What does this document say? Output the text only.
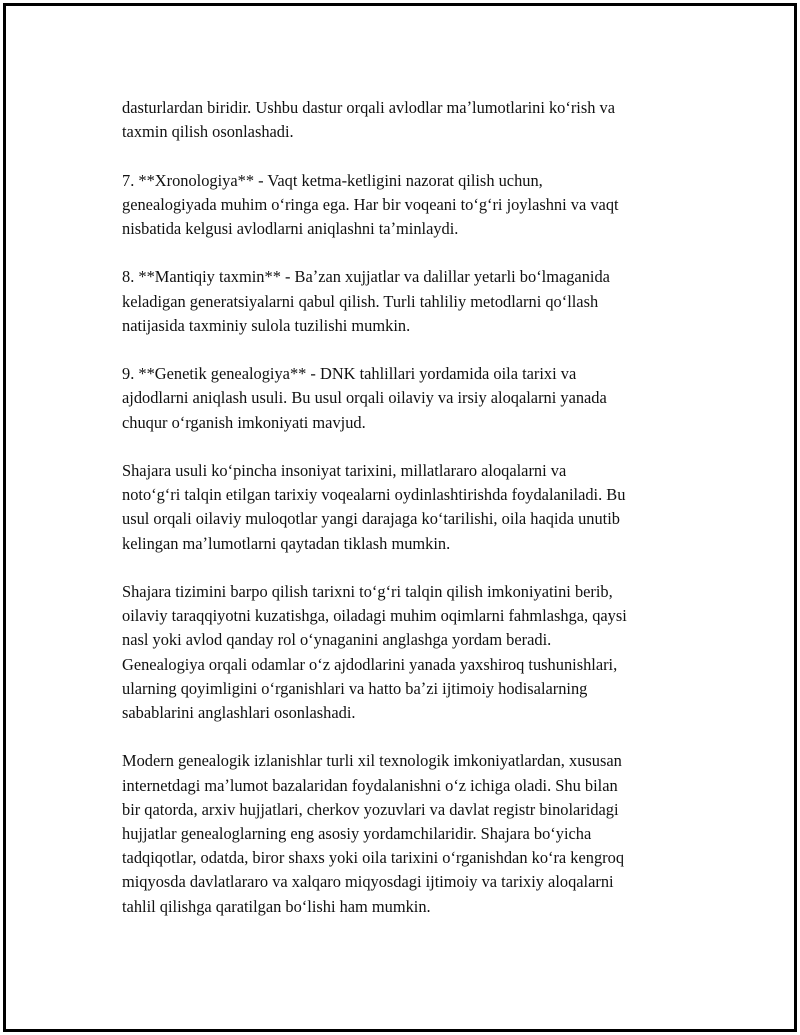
dasturlardan biridir. Ushbu dastur orqali avlodlar maʼlumotlarini koʻrish va
taxmin qilish osonlashadi.

7. **Xronologiya** - Vaqt ketma-ketligini nazorat qilish uchun,
genealogiyada muhim oʻringa ega. Har bir voqeani toʻgʻri joylashni va vaqt
nisbatida kelgusi avlodlarni aniqlashni taʼminlaydi.

8. **Mantiqiy taxmin** - Baʼzan xujjatlar va dalillar yetarli boʻlmaganida
keladigan generatsiyalarni qabul qilish. Turli tahliliy metodlarni qoʻllash
natijasida taxminiy sulola tuzilishi mumkin.

9. **Genetik genealogiya** - DNK tahlillari yordamida oila tarixi va
ajdodlarni aniqlash usuli. Bu usul orqali oilaviy va irsiy aloqalarni yanada
chuqur oʻrganish imkoniyati mavjud.

Shajara usuli koʻpincha insoniyat tarixini, millatlararo aloqalarni va
notoʻgʻri talqin etilgan tarixiy voqealarni oydinlashtirishda foydalaniladi. Bu
usul orqali oilaviy muloqotlar yangi darajaga koʻtarilishi, oila haqida unutib
kelingan maʼlumotlarni qaytadan tiklash mumkin.

Shajara tizimini barpo qilish tarixni toʻgʻri talqin qilish imkoniyatini berib,
oilaviy taraqqiyotni kuzatishga, oiladagi muhim oqimlarni fahmlashga, qaysi
nasl yoki avlod qanday rol oʻynaganini anglashga yordam beradi.
Genealogiya orqali odamlar oʻz ajdodlarini yanada yaxshiroq tushunishlari,
ularning qoyimligini oʻrganishlari va hatto baʼzi ijtimoiy hodisalarning
sabablarini anglashlari osonlashadi.

Modern genealogik izlanishlar turli xil texnologik imkoniyatlardan, xususan
internetdagi maʼlumot bazalaridan foydalanishni oʻz ichiga oladi. Shu bilan
bir qatorda, arxiv hujjatlari, cherkov yozuvlari va davlat registr binolaridagi
hujjatlar genealoglarning eng asosiy yordamchilaridir. Shajara boʻyicha
tadqiqotlar, odatda, biror shaxs yoki oila tarixini oʻrganishdan koʻra kengroq
miqyosda davlatlararo va xalqaro miqyosdagi ijtimoiy va tarixiy aloqalarni
tahlil qilishga qaratilgan boʻlishi ham mumkin.
